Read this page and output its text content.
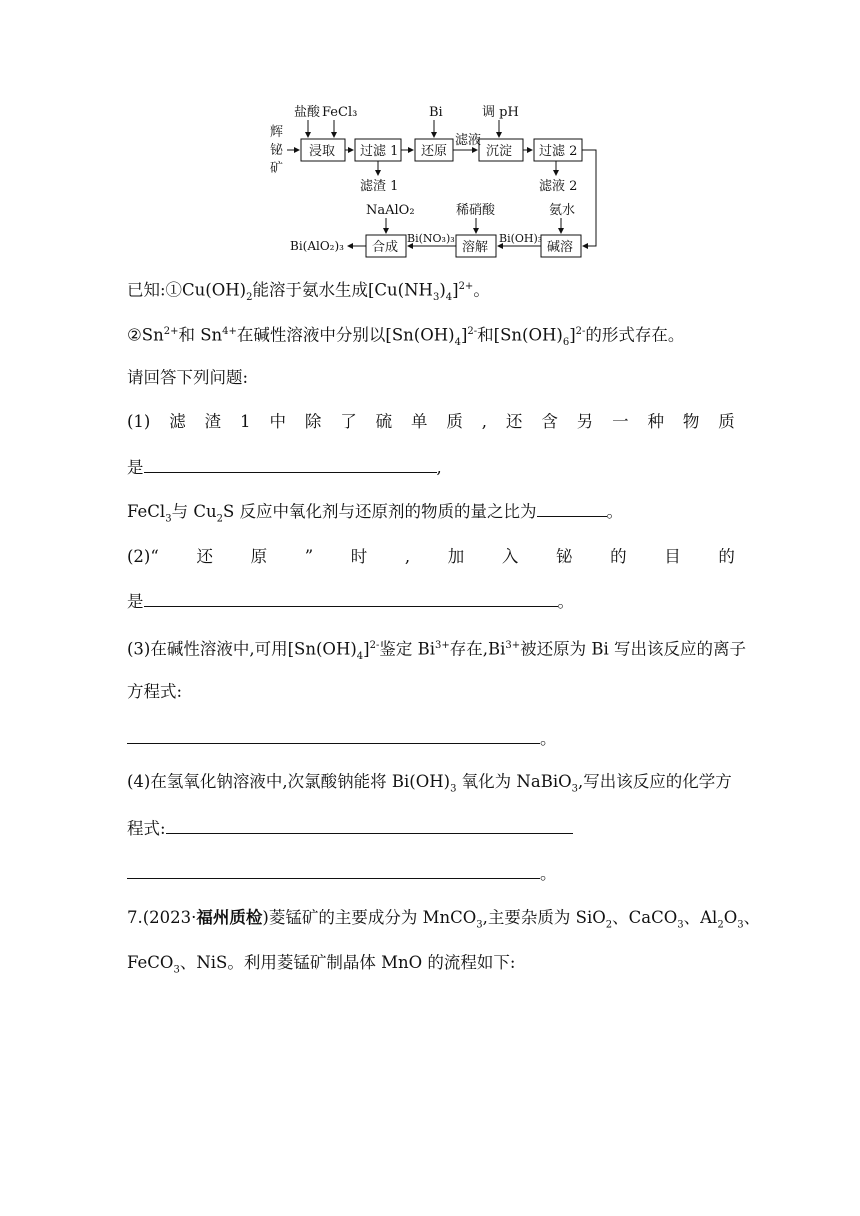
辉
铋
矿
盐酸 FeCl₃
浸取 过滤 1
滤渣 1
Bi
还原
滤液
调 pH
沉淀 过滤 2
滤液 2
氨水
碱溶
Bi(OH)₃
稀硝酸
溶解
Bi(NO₃)₃
NaAlO₂
合成
Bi(AlO₂)₃
已知$:①Cu(OH)_2$能溶于氨水生成$[Cu(NH_3)_4]^{2+}$。
$②Sn^{2+}$和 $Sn^{4+}$在碱性溶液中分别以$[Sn(OH)_4]^{2-}$和$[Sn(OH)_6]^{2-}$的形式存在。
请回答下列问题:
(1) 滤 渣 1 中 除 了 硫 单 质 , 还 含 另 一 种 物 质
是	,
FeCl$_3$与 $Cu_2S$ 反应中氧化剂与还原剂的物质的量之比为	。
(2)“ 还 原 ” 时 , 加 入 铋 的 目 的
是	。
(3)在碱性溶液中,可用$[Sn(OH)_4]^{2-}$鉴定 $Bi^{3+}$存在$,Bi^{3+}$被还原为 Bi 写出该反应的离子
方程式:
。
(4)在氢氧化钠溶液中,次氯酸钠能将 $Bi(OH)_3$ 氧化为 NaBiO$_3$,写出该反应的化学方
程式:
。
7.(2023·福州质检)菱锰矿的主要成分为 MnCO$_3$,主要杂质为 SiO$_2$、CaCO$_3$、$Al_2O_3$、
FeCO$_3$、NiS。利用菱锰矿制晶体 MnO 的流程如下:
